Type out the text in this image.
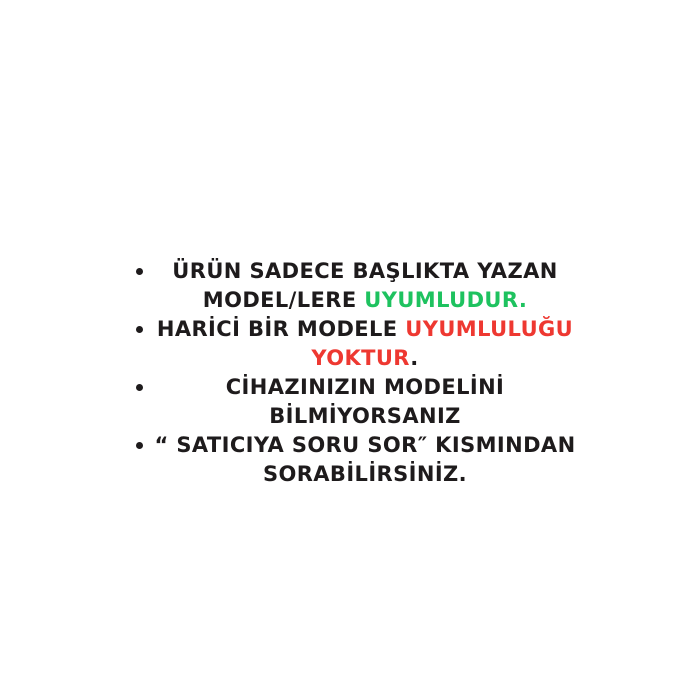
ÜRÜN SADECE BAŞLIKTA YAZAN
MODEL/LERE UYUMLUDUR.
HARİCİ BİR MODELE UYUMLULUĞU
YOKTUR.
CİHAZINIZIN MODELİNİ
BİLMİYORSANIZ
“ SATICIYA SORU SOR″ KISMINDAN
SORABİLİRSİNİZ.
